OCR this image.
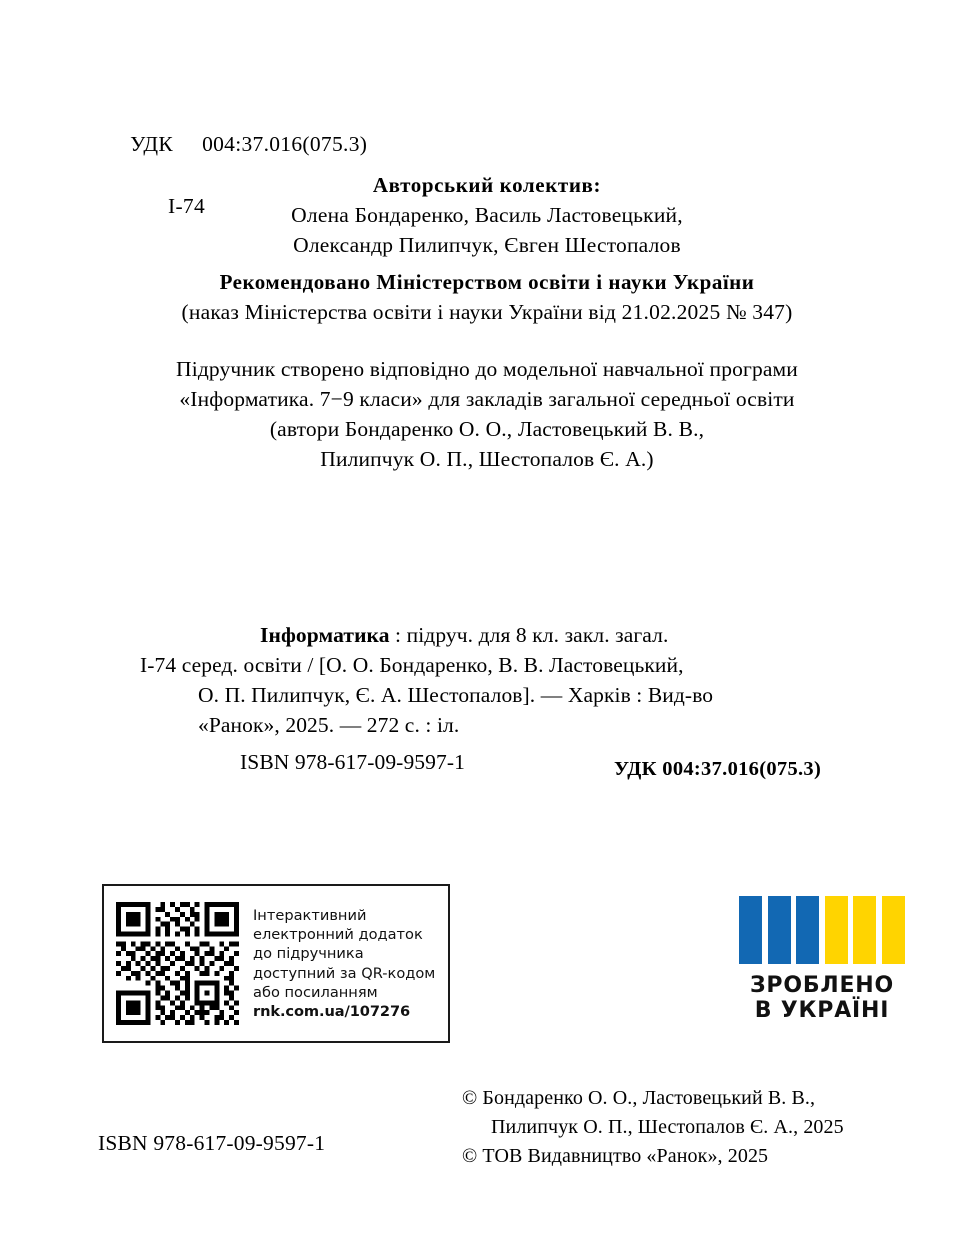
УДК 004:37.016(075.3)

I-74
Авторський колектив:
Олена Бондаренко, Василь Ластовецький,
Олександр Пилипчук, Євген Шестопалов
Рекомендовано Міністерством освіти і науки України
(наказ Міністерства освіти і науки України від 21.02.2025 № 347)
Підручник створено відповідно до модельної навчальної програми
«Інформатика. 7−9 класи» для закладів загальної середньої освіти
(автори Бондаренко О. О., Ластовецький В. В.,
Пилипчук О. П., Шестопалов Є. А.)
Інформатика : підруч. для 8 кл. закл. загал.
I-74 серед. освіти / [О. О. Бондаренко, В. В. Ластовецький,
О. П. Пилипчук, Є. А. Шестопалов]. — Харків : Вид-во
«Ранок», 2025. — 272 с. : іл.
ISBN 978-617-09-9597-1	УДК 004:37.016(075.3)
Інтерактивний
електронний додаток
до підручника
доступний за QR-кодом
або посиланням
rnk.com.ua/107276
ЗРОБЛЕНО
В УКРАЇНІ
© Бондаренко О. О., Ластовецький В. В.,
Пилипчук О. П., Шестопалов Є. А., 2025
© ТОВ Видавництво «Ранок», 2025
ISBN 978-617-09-9597-1
